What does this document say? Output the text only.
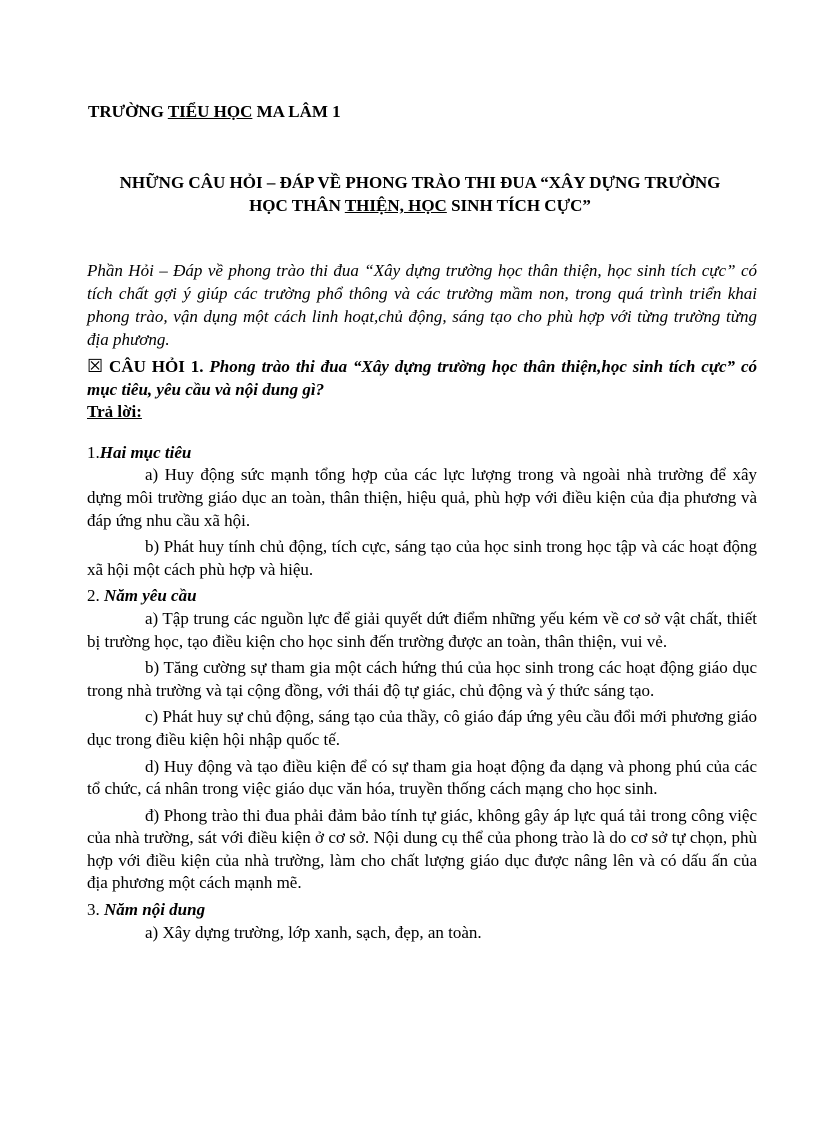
TRƯỜNG TIỂU HỌC MA LÂM 1
NHỮNG CÂU HỎI – ĐÁP VỀ PHONG TRÀO THI ĐUA “XÂY DỰNG TRƯỜNG
HỌC THÂN THIỆN, HỌC SINH TÍCH CỰC”

Phần Hỏi – Đáp về phong trào thi đua “Xây dựng trường học thân thiện, học sinh tích cực” có tích chất gợi ý giúp các trường phổ thông và các trường mầm non, trong quá trình triển khai phong trào, vận dụng một cách linh hoạt,chủ động, sáng tạo cho phù hợp với từng trường từng địa phương.

☒ CÂU HỎI 1. Phong trào thi đua “Xây dựng trường học thân thiện,học sinh tích cực” có mục tiêu, yêu cầu và nội dung gì?

Trả lời:

1.Hai mục tiêu

a) Huy động sức mạnh tổng hợp của các lực lượng trong và ngoài nhà trường để xây dựng môi trường giáo dục an toàn, thân thiện, hiệu quả, phù hợp với điều kiện của địa phương và đáp ứng nhu cầu xã hội.

b) Phát huy tính chủ động, tích cực, sáng tạo của học sinh trong học tập và các hoạt động xã hội một cách phù hợp và hiệu.

2. Năm yêu cầu

a) Tập trung các nguồn lực để giải quyết dứt điểm những yếu kém về cơ sở vật chất, thiết bị trường học, tạo điều kiện cho học sinh đến trường được an toàn, thân thiện, vui vẻ.

b) Tăng cường sự tham gia một cách hứng thú của học sinh trong các hoạt động giáo dục trong nhà trường và tại cộng đồng, với thái độ tự giác, chủ động và ý thức sáng tạo.

c) Phát huy sự chủ động, sáng tạo của thầy, cô giáo đáp ứng yêu cầu đổi mới phương giáo dục trong điều kiện hội nhập quốc tế.

d) Huy động và tạo điều kiện để có sự tham gia hoạt động đa dạng và phong phú của các tổ chức, cá nhân trong việc giáo dục văn hóa, truyền thống cách mạng cho học sinh.

đ) Phong trào thi đua phải đảm bảo tính tự giác, không gây áp lực quá tải trong công việc của nhà trường, sát với điều kiện ở cơ sở. Nội dung cụ thể của phong trào là do cơ sở tự chọn, phù hợp với điều kiện của nhà trường, làm cho chất lượng giáo dục được nâng lên và có dấu ấn của địa phương một cách mạnh mẽ.

3. Năm nội dung

a) Xây dựng trường, lớp xanh, sạch, đẹp, an toàn.
